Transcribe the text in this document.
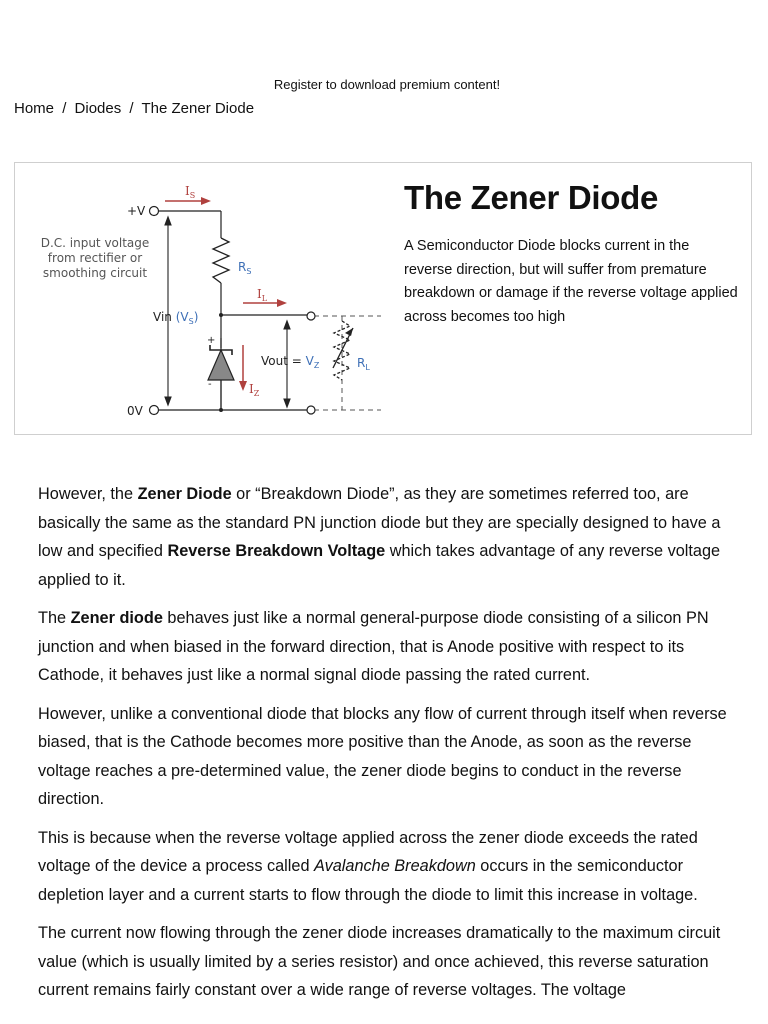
Register to download premium content!
Home / Diodes / The Zener Diode
+V
0V
D.C. input voltage
from rectifier or
smoothing circuit
$I_S$
$R_S$
$I_L$
Vin $(V_S)$
+
-
Vout = $V_Z$
$I_Z$
$R_L$
The Zener Diode

A Semiconductor Diode blocks current in the reverse direction, but will suffer from premature breakdown or damage if the reverse voltage applied across becomes too high

However, the Zener Diode or “Breakdown Diode”, as they are sometimes referred too, are basically the same as the standard PN junction diode but they are specially designed to have a low and specified Reverse Breakdown Voltage which takes advantage of any reverse voltage applied to it.

The Zener diode behaves just like a normal general-purpose diode consisting of a silicon PN junction and when biased in the forward direction, that is Anode positive with respect to its Cathode, it behaves just like a normal signal diode passing the rated current.

However, unlike a conventional diode that blocks any flow of current through itself when reverse biased, that is the Cathode becomes more positive than the Anode, as soon as the reverse voltage reaches a pre-determined value, the zener diode begins to conduct in the reverse direction.

This is because when the reverse voltage applied across the zener diode exceeds the rated voltage of the device a process called Avalanche Breakdown occurs in the semiconductor depletion layer and a current starts to flow through the diode to limit this increase in voltage.

The current now flowing through the zener diode increases dramatically to the maximum circuit value (which is usually limited by a series resistor) and once achieved, this reverse saturation current remains fairly constant over a wide range of reverse voltages. The voltage
